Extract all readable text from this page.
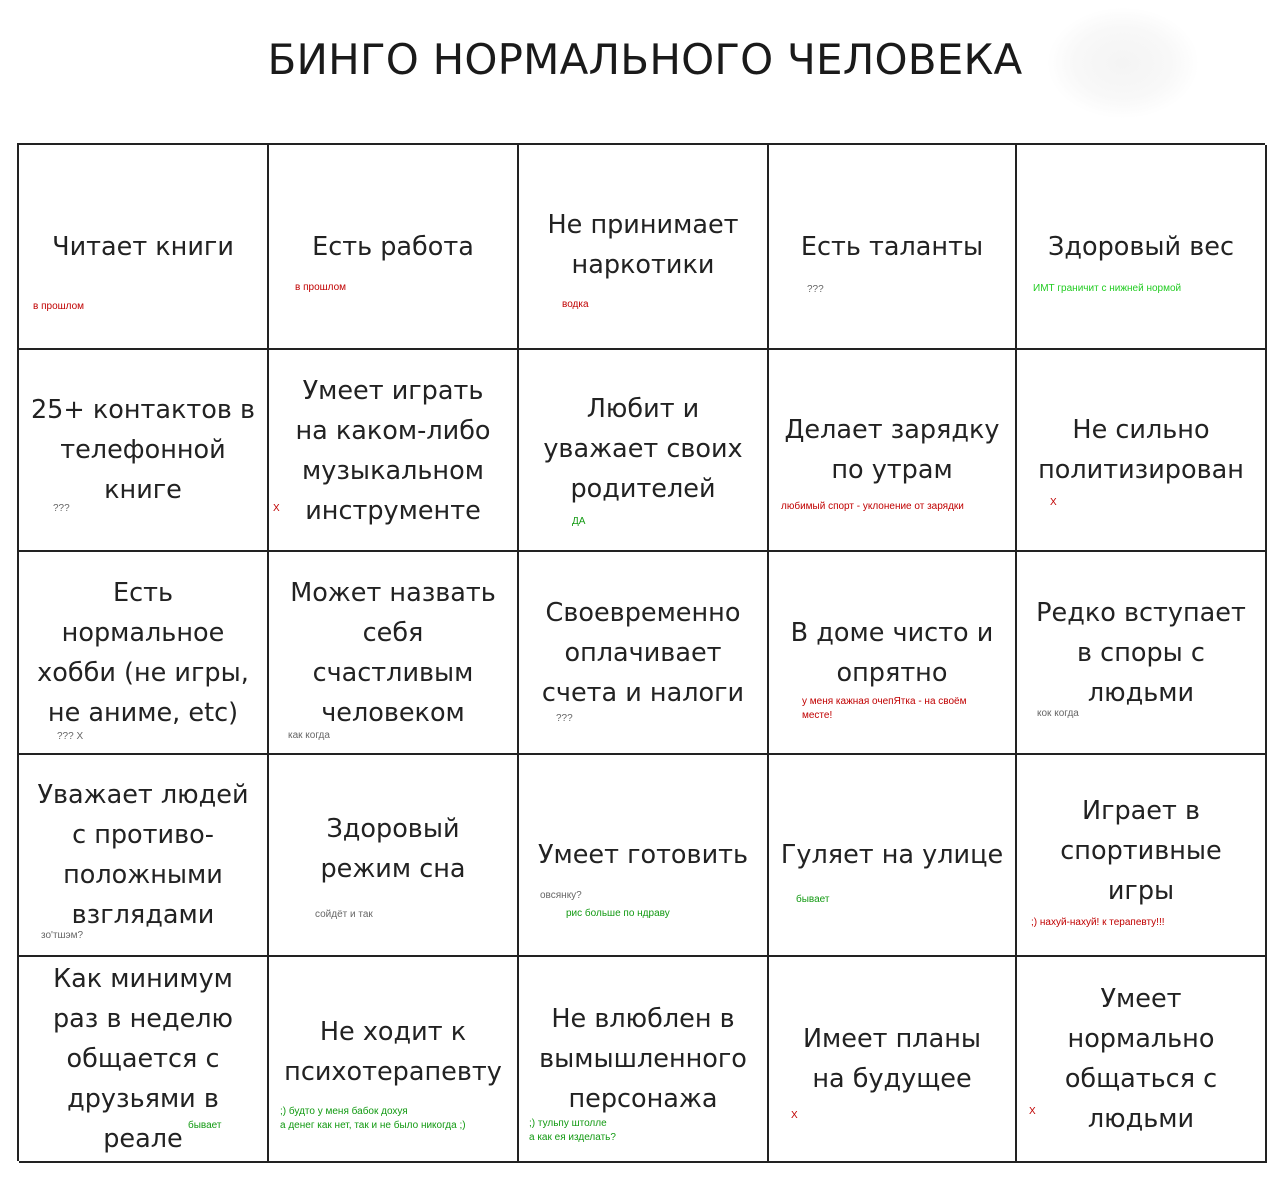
БИНГО НОРМАЛЬНОГО ЧЕЛОВЕКА
Читает книги
в прошлом
Есть работа
в прошлом
Не принимает
наркотики
водка
Есть таланты
???
Здоровый вес
ИМТ граничит с нижней нормой
25+ контактов в
телефонной
книге
???
Умеет играть
на каком-либо
музыкальном
инструменте
X
Любит и
уважает своих
родителей
ДА
Делает зарядку
по утрам
любимый спорт - уклонение от зарядки
Не сильно
политизирован
X
Есть
нормальное
хобби (не игры,
не аниме, etc)
??? X
Может назвать
себя
счастливым
человеком
как когда
Своевременно
оплачивает
счета и налоги
???
В доме чисто и
опрятно
у меня кажная очепЯтка - на своём
месте!
Редко вступает
в споры с
людьми
кок когда
Уважает людей
с противо-
положными
взглядами
зо'тшэм?
Здоровый
режим сна
сойдёт и так
Умеет готовить
овсянку?
рис больше по ндраву
Гуляет на улице
бывает
Играет в
спортивные
игры
;) нахуй-нахуй! к терапевту!!!
Как минимум
раз в неделю
общается с
друзьями в
реале бывает
Не ходит к
психотерапевту
;) будто у меня бабок дохуя
а денег как нет, так и не было никогда ;)
Не влюблен в
вымышленного
персонажа
;) тульпу штолле
а как ея изделать?
Имеет планы
на будущее
X
Умеет
нормально
общаться с
людьми
X
